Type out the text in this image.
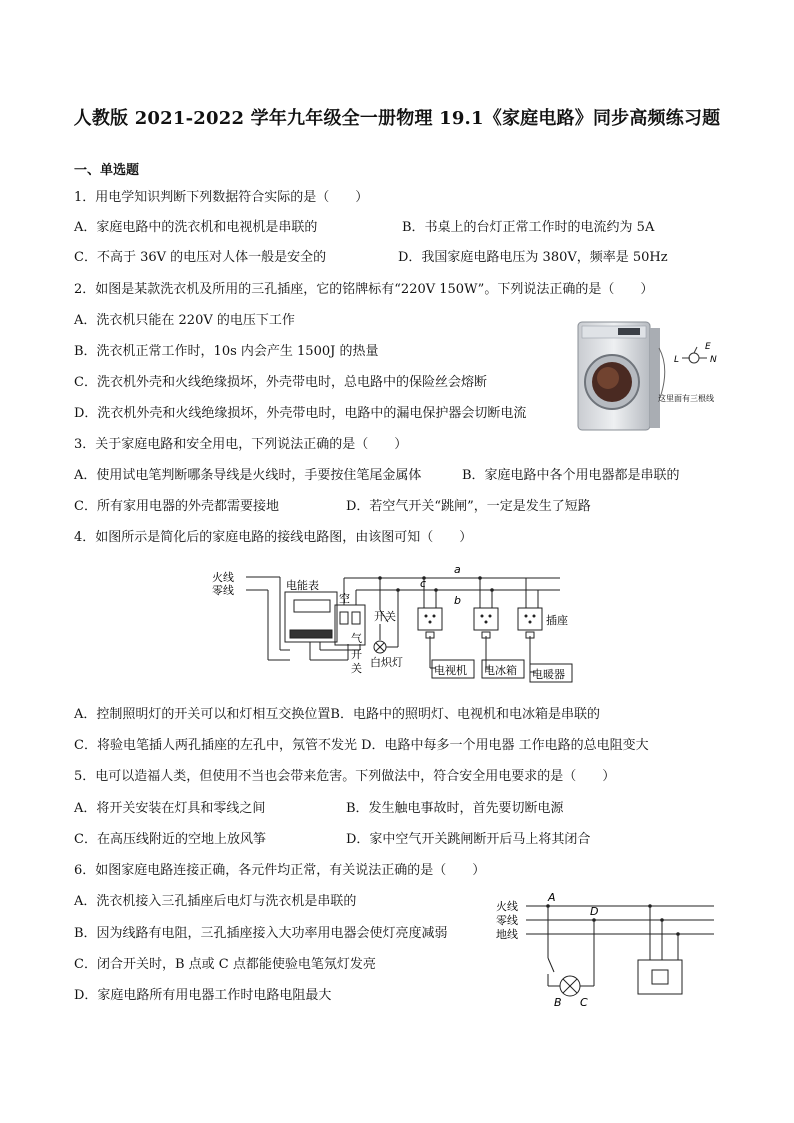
人教版 2021-2022 学年九年级全一册物理 19.1《家庭电路》同步高频练习题
一、单选题
1．用电学知识判断下列数据符合实际的是（　　）
A．家庭电路中的洗衣机和电视机是串联的	B．书桌上的台灯正常工作时的电流约为 5A
C．不高于 36V 的电压对人体一般是安全的	D．我国家庭电路电压为 380V，频率是 50Hz
2．如图是某款洗衣机及所用的三孔插座，它的铭牌标有“220V 150W”。下列说法正确的是（　　）
A．洗衣机只能在 220V 的电压下工作
B．洗衣机正常工作时，10s 内会产生 1500J 的热量
C．洗衣机外壳和火线绝缘损坏，外壳带电时，总电路中的保险丝会熔断
D．洗衣机外壳和火线绝缘损坏，外壳带电时，电路中的漏电保护器会切断电流
L
E
N
这里面有三根线
3．关于家庭电路和安全用电，下列说法正确的是（　　）
A．使用试电笔判断哪条导线是火线时，手要按住笔尾金属体	B．家庭电路中各个用电器都是串联的
C．所有家用电器的外壳都需要接地	D．若空气开关“跳闸”，一定是发生了短路
4．如图所示是简化后的家庭电路的接线电路图，由该图可知（　　）
火线
零线	电能表
空
气
开
关
开关
白炽灯
插座
电视机 电冰箱 电暖器
a
b
c
A．控制照明灯的开关可以和灯相互交换位置B．电路中的照明灯、电视机和电冰箱是串联的
C．将验电笔插人两孔插座的左孔中，氖管不发光 D．电路中每多一个用电器 工作电路的总电阻变大
5．电可以造福人类，但使用不当也会带来危害。下列做法中，符合安全用电要求的是（　　）
A．将开关安装在灯具和零线之间	B．发生触电事故时，首先要切断电源
C．在高压线附近的空地上放风筝	D．家中空气开关跳闸断开后马上将其闭合
6．如图家庭电路连接正确，各元件均正常，有关说法正确的是（　　）
A．洗衣机接入三孔插座后电灯与洗衣机是串联的
B．因为线路有电阻，三孔插座接入大功率用电器会使灯亮度减弱
C．闭合开关时，B 点或 C 点都能使验电笔氖灯发亮
D．家庭电路所有用电器工作时电路电阻最大
火线
零线
地线
A
B C
D
